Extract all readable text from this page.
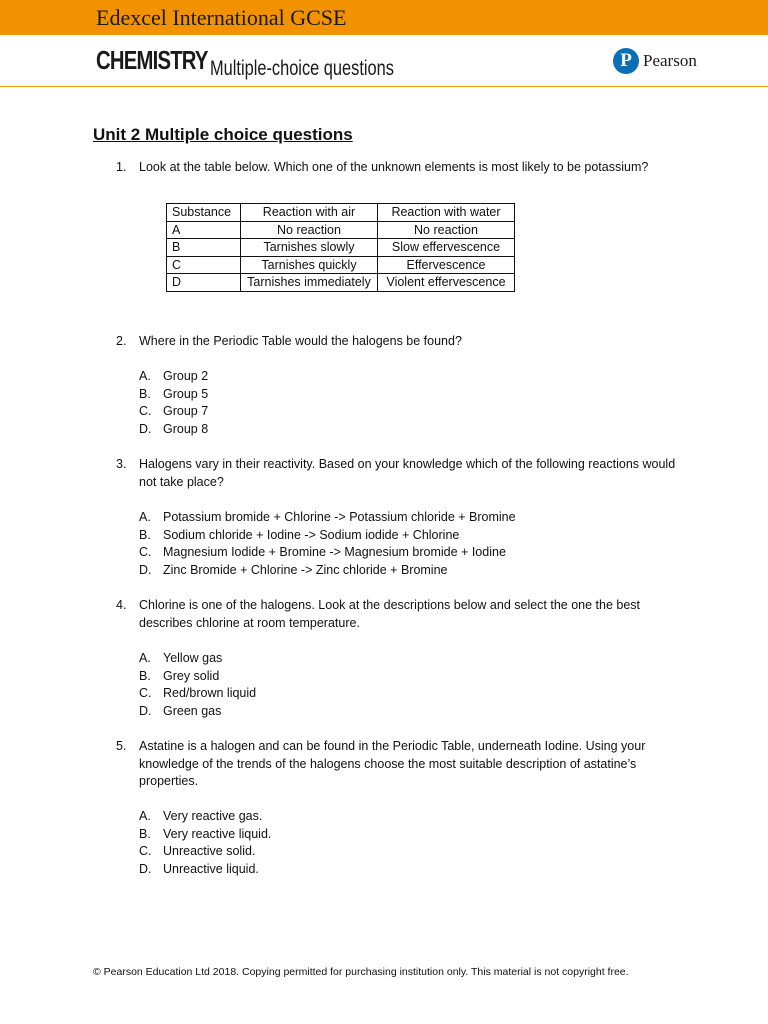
Edexcel International GCSE
CHEMISTRY Multiple-choice questions	P Pearson
Unit 2 Multiple choice questions
1. Look at the table below. Which one of the unknown elements is most likely to be potassium?
Substance	Reaction with air	Reaction with water
A	No reaction	No reaction
B	Tarnishes slowly	Slow effervescence
C	Tarnishes quickly	Effervescence
D	Tarnishes immediately	Violent effervescence
2. Where in the Periodic Table would the halogens be found?
A. Group 2
B. Group 5
C. Group 7
D. Group 8
3. Halogens vary in their reactivity. Based on your knowledge which of the following reactions would not take place?
A. Potassium bromide + Chlorine -> Potassium chloride + Bromine
B. Sodium chloride + Iodine -> Sodium iodide + Chlorine
C. Magnesium Iodide + Bromine -> Magnesium bromide + Iodine
D. Zinc Bromide + Chlorine -> Zinc chloride + Bromine
4. Chlorine is one of the halogens. Look at the descriptions below and select the one the best describes chlorine at room temperature.
A. Yellow gas
B. Grey solid
C. Red/brown liquid
D. Green gas
5. Astatine is a halogen and can be found in the Periodic Table, underneath Iodine. Using your knowledge of the trends of the halogens choose the most suitable description of astatine’s properties.
A. Very reactive gas.
B. Very reactive liquid.
C. Unreactive solid.
D. Unreactive liquid.
© Pearson Education Ltd 2018. Copying permitted for purchasing institution only. This material is not copyright free.
